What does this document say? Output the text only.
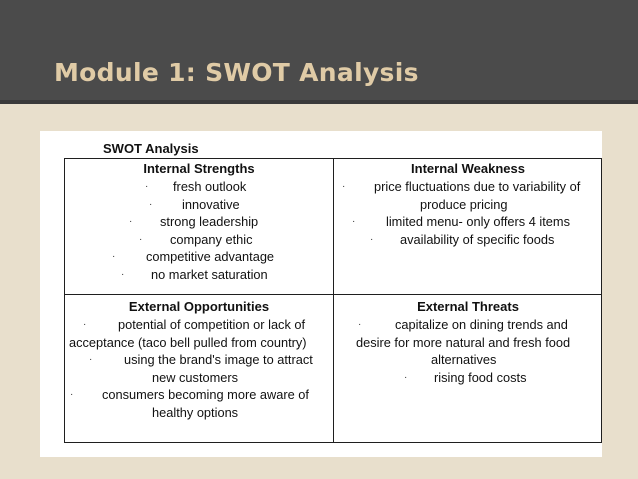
Module 1: SWOT Analysis
SWOT Analysis
Internal Strengths
· fresh outlook
· innovative
· strong leadership
· company ethic
· competitive advantage
· no market saturation
Internal Weakness
· price fluctuations due to variability of
produce pricing
· limited menu- only offers 4 items
· availability of specific foods
External Opportunities
· potential of competition or lack of
acceptance (taco bell pulled from country)
· using the brand's image to attract
new customers
· consumers becoming more aware of
healthy options
External Threats
·	capitalize on dining trends and
desire for more natural and fresh food
alternatives
· rising food costs
